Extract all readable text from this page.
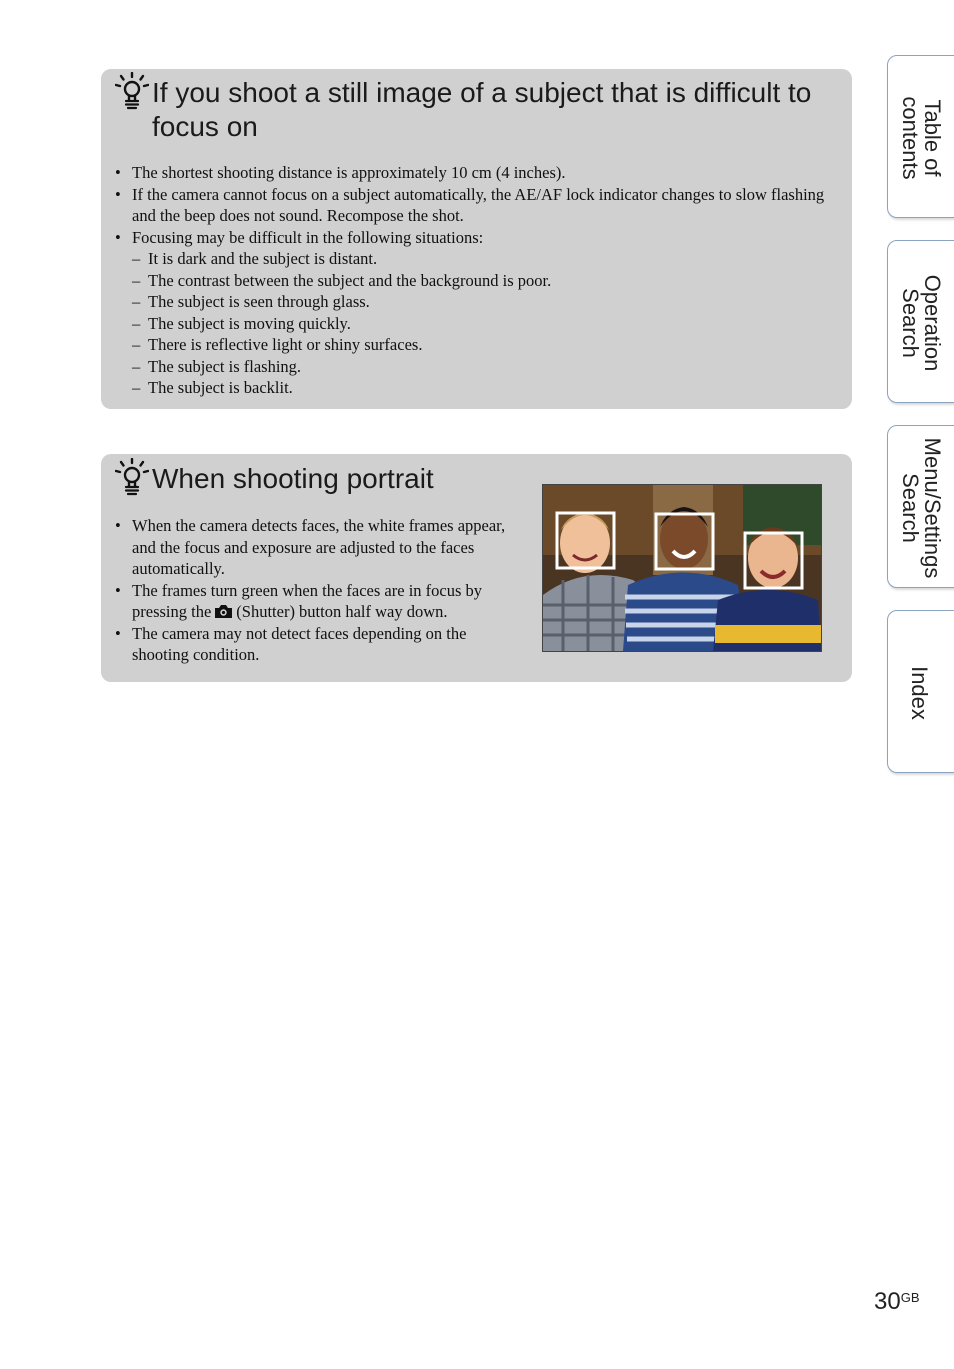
If you shoot a still image of a subject that is difficult to focus on
• The shortest shooting distance is approximately 10 cm (4 inches).
• If the camera cannot focus on a subject automatically, the AE/AF lock indicator changes to slow flashing and the beep does not sound. Recompose the shot.
• Focusing may be difficult in the following situations:
– It is dark and the subject is distant.
– The contrast between the subject and the background is poor.
– The subject is seen through glass.
– The subject is moving quickly.
– There is reflective light or shiny surfaces.
– The subject is flashing.
– The subject is backlit.
When shooting portrait
• When the camera detects faces, the white frames appear, and the focus and exposure are adjusted to the faces automatically.
• The frames turn green when the faces are in focus by pressing the (Shutter) button half way down.
• The camera may not detect faces depending on the shooting condition.
Table of
contents
Operation
Search
Menu/Settings
Search
Index
$30^{GB}$
